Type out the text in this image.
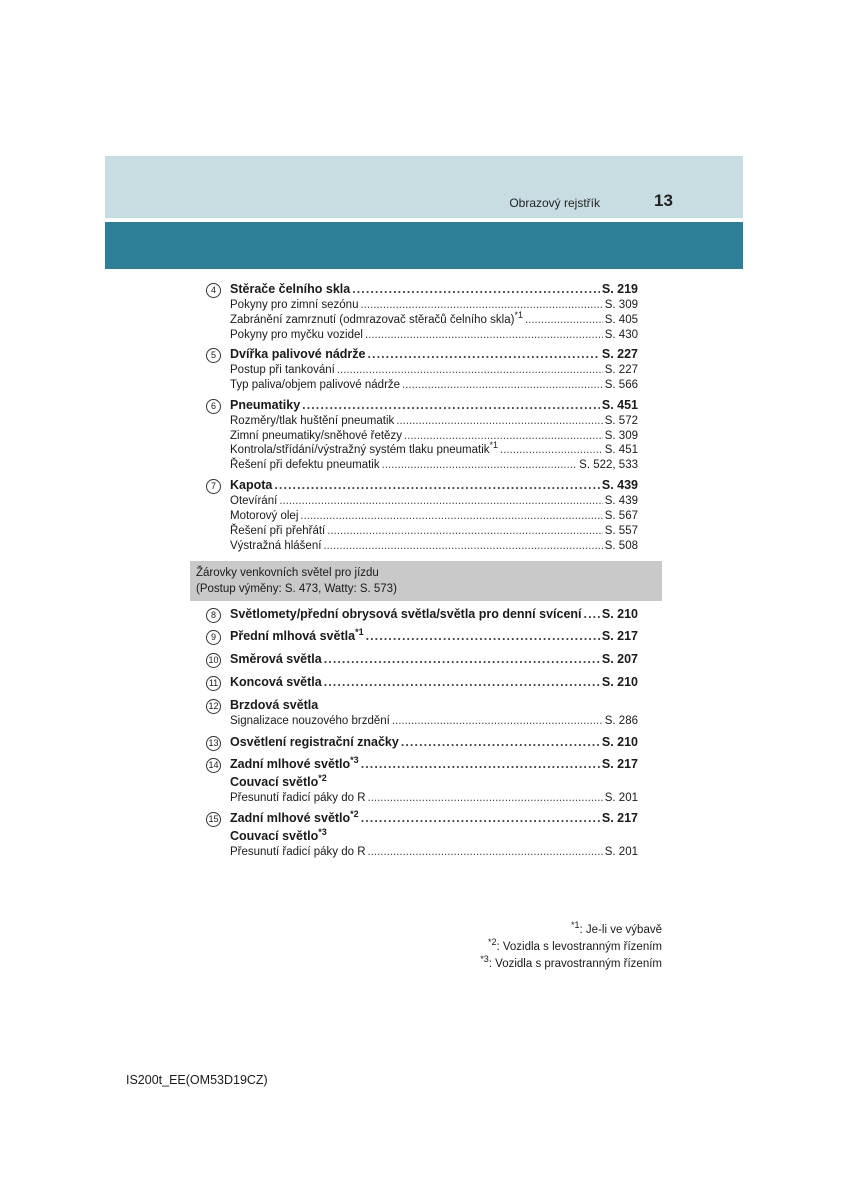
Obrazový rejstřík	13
4	Stěrače čelního skla . . .	S. 219
Pokyny pro zimní sezónu . . .	S. 309
Zabránění zamrznutí (odmrazovač stěračů čelního skla)$^{*1}$ . . .	S. 405
Pokyny pro myčku vozidel . . .	S. 430
5	Dvířka palivové nádrže . . .	S. 227
Postup při tankování . . .	S. 227
Typ paliva/objem palivové nádrže . . .	S. 566
6	Pneumatiky . . .	S. 451
Rozměry/tlak huštění pneumatik . . .	S. 572
Zimní pneumatiky/sněhové řetězy . . .	S. 309
Kontrola/střídání/výstražný systém tlaku pneumatik$^{*1}$ . . .	S. 451
Řešení při defektu pneumatik . . .	S. 522, 533
7	Kapota . . .	S. 439
Otevírání . . .	S. 439
Motorový olej . . .	S. 567
Řešení při přehřátí . . .	S. 557
Výstražná hlášení . . .	S. 508
Žárovky venkovních světel pro jízdu
(Postup výměny: S. 473, Watty: S. 573)
8	Světlomety/přední obrysová světla/světla pro denní svícení . . . S. 210
9	Přední mlhová světla$^{*1}$ . . .	S. 217
10 Směrová světla . . .	S. 207
11 Koncová světla . . .	S. 210
12 Brzdová světla
Signalizace nouzového brzdění . . .	S. 286
13 Osvětlení registrační značky . . .	S. 210
14 Zadní mlhové světlo$^{*3}$ . . .	S. 217
Couvací světlo$^{*2}$
Přesunutí řadicí páky do R . . .	S. 201
15 Zadní mlhové světlo$^{*2}$ . . .	S. 217
Couvací světlo$^{*3}$
Přesunutí řadicí páky do R . . .	S. 201
$^{*1}$: Je-li ve výbavě
$^{*2}$: Vozidla s levostranným řízením
$^{*3}$: Vozidla s pravostranným řízením
IS200t_EE(OM53D19CZ)
